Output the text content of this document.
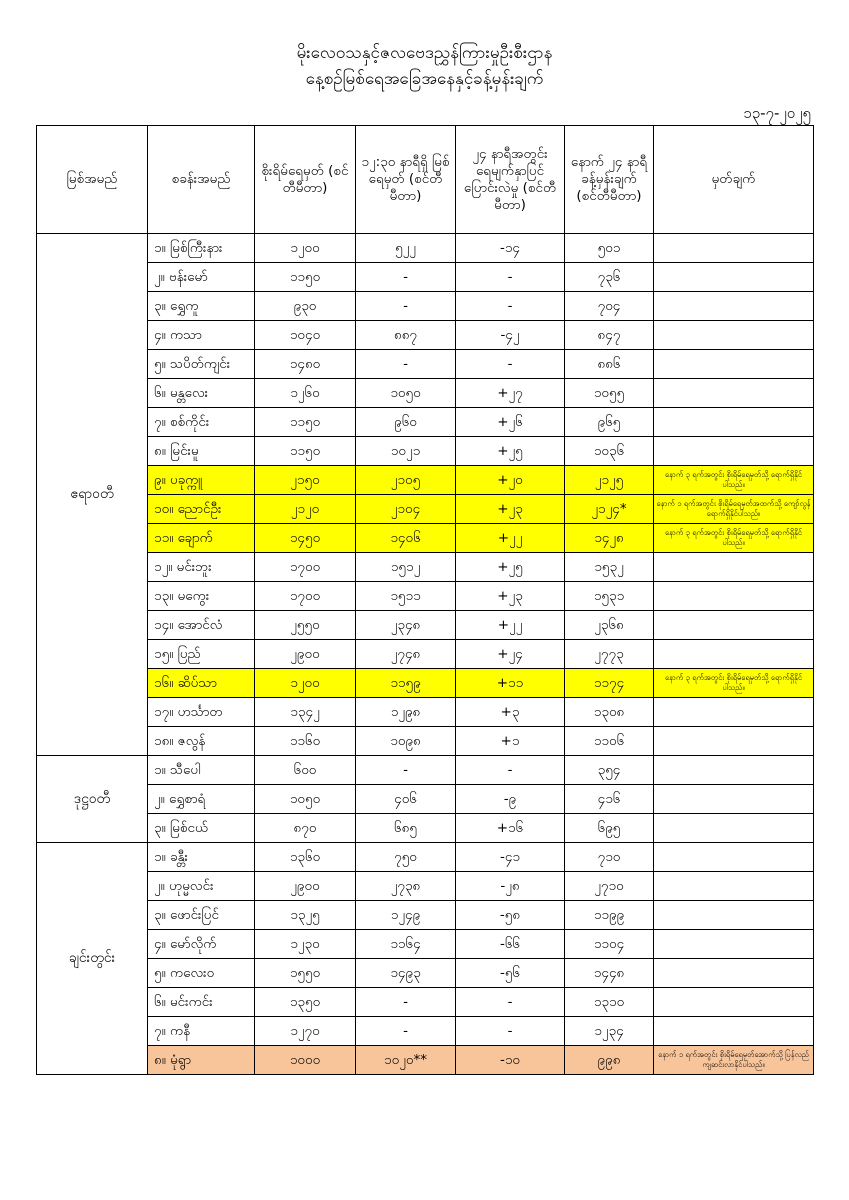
မိုးလေဝသနှင့်ဇလဗေဒညွှန်ကြားမှုဦးစီးဌာန
နေ့စဉ်မြစ်ရေအခြေအနေနှင့်ခန့်မှန်းချက်
၁၃-၇-၂၀၂၅
မြစ်အမည်	စခန်းအမည်	စိုးရိမ်ရေမှတ် (စင်တီမီတာ)	၁၂:၃၀ နာရီရှိ မြစ်ရေမှတ် (စင်တီမီတာ)	၂၄ နာရီအတွင်း ရေမျက်နှာပြင် ပြောင်းလဲမှု (စင်တီမီတာ)	နောက် ၂၄ နာရီ ခန့်မှန်းချက် (စင်တီမီတာ)	မှတ်ချက်
ဧရာဝတီ	၁။ မြစ်ကြီးနား	၁၂၀၀	၅၂၂	-၁၄	၅၀၁	
	၂။ ဗန်းမော်	၁၁၅၀	-	-	၇၃၆	
	၃။ ရွှေကူ	၉၃၀	-	-	၇၀၄	
	၄။ ကသာ	၁၀၄၀	၈၈၇	-၄၂	၈၄၇	
	၅။ သပိတ်ကျင်း	၁၄၈၀	-	-	၈၈၆	
	၆။ မန္တလေး	၁၂၆၀	၁၀၅၀	+၂၇	၁၀၅၅	
	၇။ စစ်ကိုင်း	၁၁၅၀	၉၆၀	+၂၆	၉၆၅	
	၈။ မြင်းမူ	၁၁၅၀	၁၀၂၁	+၂၅	၁၀၃၆	
	၉။ ပခုက္ကူ	၂၁၅၀	၂၁၀၅	+၂၀	၂၁၂၅	နောက် ၃ ရက်အတွင်း စိုးရိမ်ရေမှတ်သို့ ရောက်ရှိနိုင်ပါသည်။
	၁၀။ ညောင်ဦး	၂၁၂၀	၂၁၀၄	+၂၃	၂၁၂၄*	နောက် ၁ ရက်အတွင်း စိုးရိမ်ရေမှတ်အထက်သို့ ကျော်လွန်ရောက်ရှိနိုင်ပါသည်။
	၁၁။ ချောက်	၁၄၅၀	၁၄၀၆	+၂၂	၁၄၂၈	နောက် ၃ ရက်အတွင်း စိုးရိမ်ရေမှတ်သို့ ရောက်ရှိနိုင်ပါသည်။
	၁၂။ မင်းဘူး	၁၇၀၀	၁၅၁၂	+၂၅	၁၅၃၂	
	၁၃။ မကွေး	၁၇၀၀	၁၅၁၁	+၂၃	၁၅၃၁	
	၁၄။ အောင်လံ	၂၅၅၀	၂၃၄၈	+၂၂	၂၃၆၈	
	၁၅။ ပြည်	၂၉၀၀	၂၇၄၈	+၂၄	၂၇၇၃	
	၁၆။ ဆိပ်သာ	၁၂၀၀	၁၁၅၉	+၁၁	၁၁၇၄	နောက် ၃ ရက်အတွင်း စိုးရိမ်ရေမှတ်သို့ ရောက်ရှိနိုင်ပါသည်။
	၁၇။ ဟင်္သာတ	၁၃၄၂	၁၂၉၈	+၃	၁၃၀၈	
	၁၈။ ဇလွန်	၁၁၆၀	၁၀၉၈	+၁	၁၁၀၆	
ဒုဋ္ဌဝတီ	၁။ သီပေါ	၆၀၀	-	-	၃၅၄	
	၂။ ရွှေစာရံ	၁၀၅၀	၄၀၆	-၉	၄၁၆	
	၃။ မြစ်ငယ်	၈၇၀	၆၈၅	+၁၆	၆၉၅	
ချင်းတွင်း	၁။ ခန္တီး	၁၃၆၀	၇၅၀	-၄၁	၇၁၀	
	၂။ ဟုမ္မလင်း	၂၉၀၀	၂၇၃၈	-၂၈	၂၇၁၀	
	၃။ ဖောင်းပြင်	၁၃၂၅	၁၂၄၉	-၅၈	၁၁၉၉	
	၄။ မော်လိုက်	၁၂၃၀	၁၁၆၄	-၆၆	၁၁၀၄	
	၅။ ကလေးဝ	၁၅၅၀	၁၄၉၃	-၅၆	၁၄၄၈	
	၆။ မင်းကင်း	၁၃၅၀	-	-	၁၃၁၀	
	၇။ ကနီ	၁၂၇၀	-	-	၁၂၃၄	
	၈။ မုံရွာ	၁၀၀၀	၁၀၂၀**	-၁၀	၉၉၈	နောက် ၁ ရက်အတွင်း စိုးရိမ်ရေမှတ်အောက်သို့ ပြန်လည်ကျဆင်းလာနိုင်ပါသည်။
